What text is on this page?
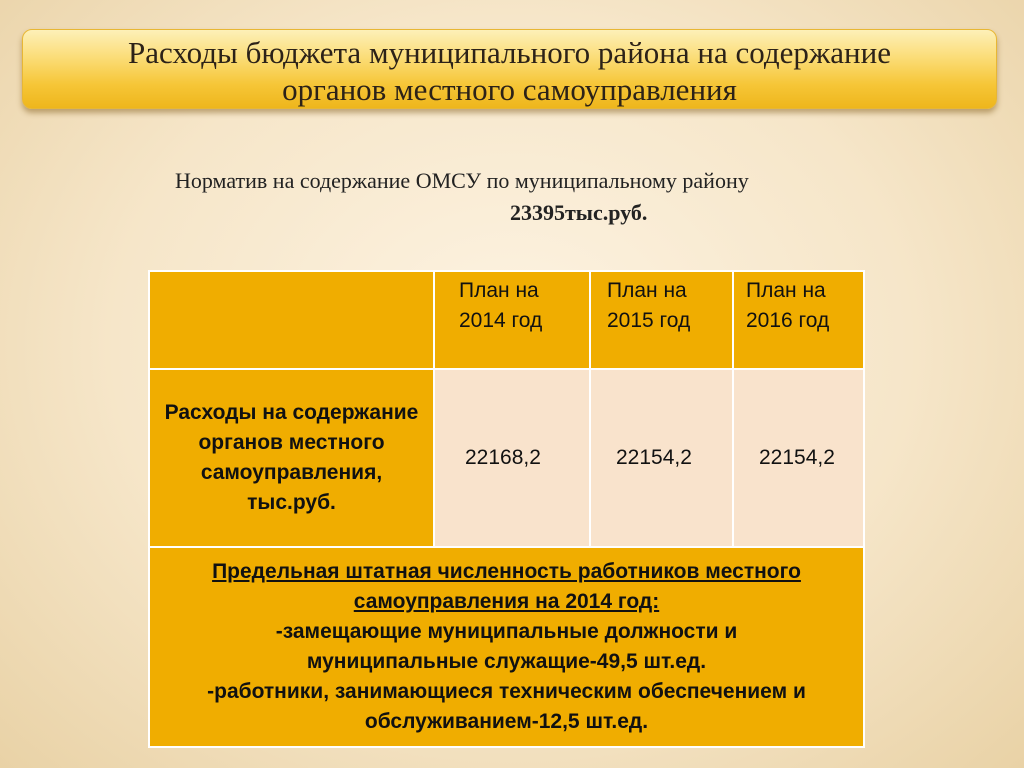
Расходы бюджета муниципального района на содержание
органов местного самоуправления
Норматив на содержание ОМСУ по муниципальному району
23395тыс.руб.

	План на 2014 год	План на 2015 год	План на 2016 год

Расходы на содержание органов местного самоуправления, тыс.руб.	22168,2	22154,2	22154,2

Предельная штатная численность работников местного самоуправления на 2014 год:
-замещающие муниципальные должности и муниципальные служащие-49,5 шт.ед.
-работники, занимающиеся техническим обеспечением и обслуживанием-12,5 шт.ед.			
